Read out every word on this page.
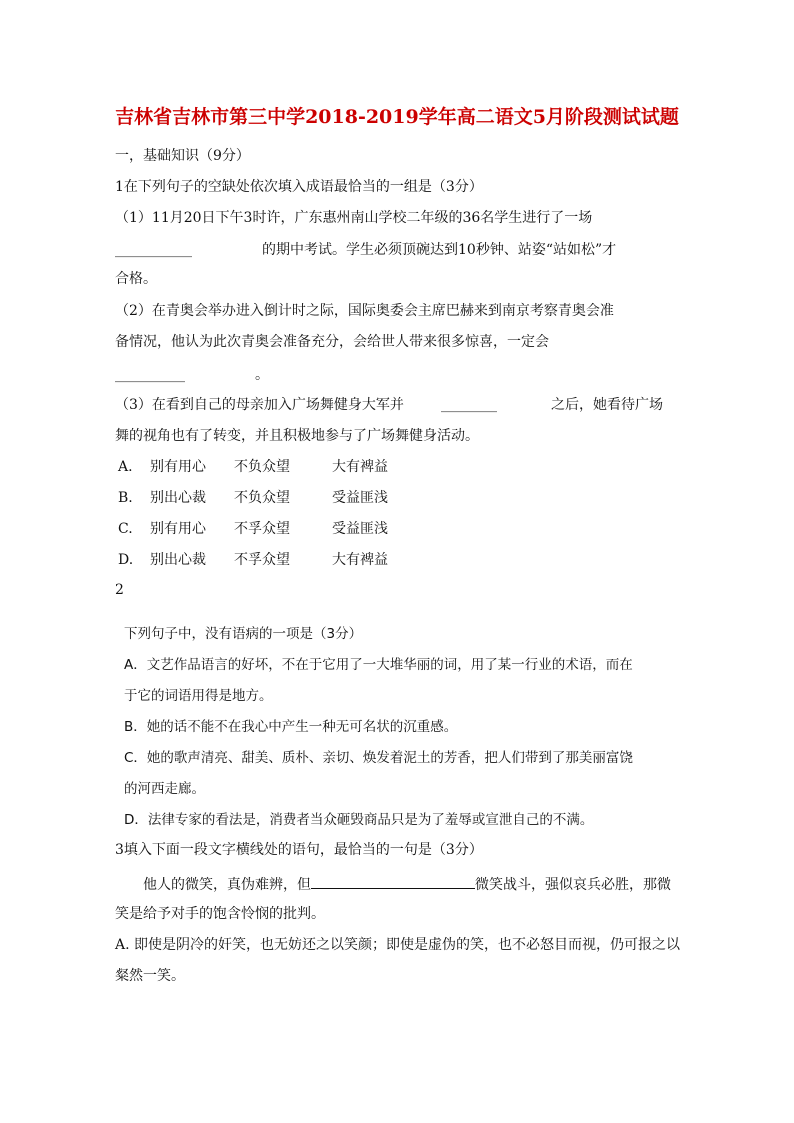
吉林省吉林市第三中学2018-2019学年高二语文5月阶段测试试题
一，基础知识（9分）
1在下列句子的空缺处依次填入成语最恰当的一组是（3分）
（1）11月20日下午3时许，广东惠州南山学校二年级的36名学生进行了一场
___________	的期中考试。学生必须顶碗达到10秒钟、站姿“站如松”才
合格。
（2）在青奥会举办进入倒计时之际，国际奥委会主席巴赫来到南京考察青奥会准
备情况，他认为此次青奥会准备充分，会给世人带来很多惊喜，一定会
__________	。
（3）在看到自己的母亲加入广场舞健身大军并	________	之后，她看待广场
舞的视角也有了转变，并且积极地参与了广场舞健身活动。
A. 别有用心 不负众望	大有裨益
B. 别出心裁 不负众望	受益匪浅
C. 别有用心 不孚众望	受益匪浅
D. 别出心裁 不孚众望	大有裨益
2
下列句子中，没有语病的一项是（3分）
A．文艺作品语言的好坏，不在于它用了一大堆华丽的词，用了某一行业的术语，而在
于它的词语用得是地方。
B．她的话不能不在我心中产生一种无可名状的沉重感。
C．她的歌声清亮、甜美、质朴、亲切、焕发着泥土的芳香，把人们带到了那美丽富饶
的河西走廊。
D．法律专家的看法是，消费者当众砸毁商品只是为了羞辱或宣泄自己的不满。
3填入下面一段文字横线处的语句，最恰当的一句是（3分）
他人的微笑，真伪难辨，但	微笑战斗，强似哀兵必胜，那微
笑是给予对手的饱含怜悯的批判。
A. 即使是阴冷的奸笑，也无妨还之以笑颜；即使是虚伪的笑，也不必怒目而视，仍可报之以
粲然一笑。
